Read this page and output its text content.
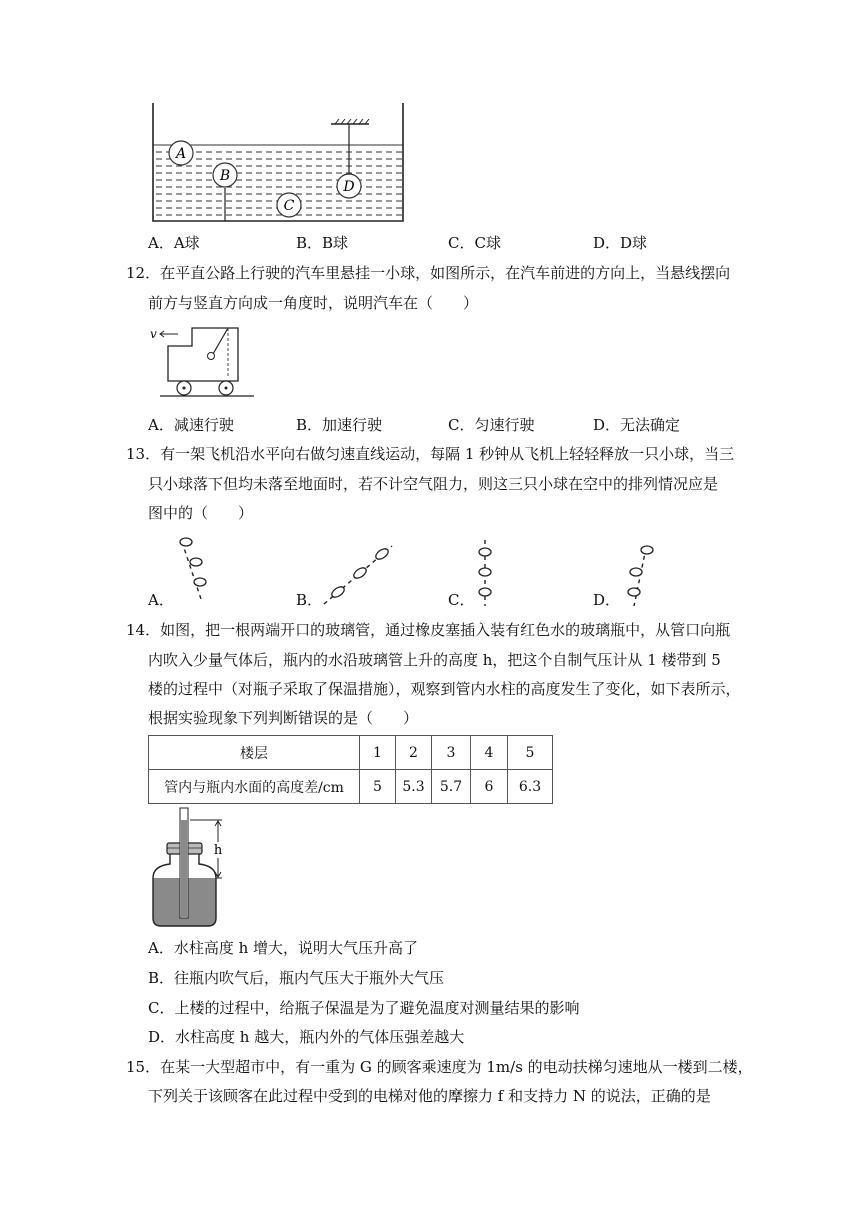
A
B
C
D
A．A球	B．B球	C．C球	D．D球
12．在平直公路上行驶的汽车里悬挂一小球，如图所示，在汽车前进的方向上，当悬线摆向
前方与竖直方向成一角度时，说明汽车在（　　）
v
A．减速行驶	B．加速行驶	C．匀速行驶	D．无法确定
13．有一架飞机沿水平向右做匀速直线运动，每隔 1 秒钟从飞机上轻轻释放一只小球，当三
只小球落下但均未落至地面时，若不计空气阻力，则这三只小球在空中的排列情况应是
图中的（　　）
A．	B．	C．	D．
14．如图，把一根两端开口的玻璃管，通过橡皮塞插入装有红色水的玻璃瓶中，从管口向瓶
内吹入少量气体后，瓶内的水沿玻璃管上升的高度 h，把这个自制气压计从 1 楼带到 5
楼的过程中（对瓶子采取了保温措施），观察到管内水柱的高度发生了变化，如下表所示，
根据实验现象下列判断错误的是（　　）
楼层	1	2	3	4	5
管内与瓶内水面的高度差/cm	5	5.3	5.7	6	6.3
h
A．水柱高度 h 增大，说明大气压升高了
B．往瓶内吹气后，瓶内气压大于瓶外大气压
C．上楼的过程中，给瓶子保温是为了避免温度对测量结果的影响
D．水柱高度 h 越大，瓶内外的气体压强差越大
15．在某一大型超市中，有一重为 G 的顾客乘速度为 1m/s 的电动扶梯匀速地从一楼到二楼，
下列关于该顾客在此过程中受到的电梯对他的摩擦力 f 和支持力 N 的说法，正确的是
